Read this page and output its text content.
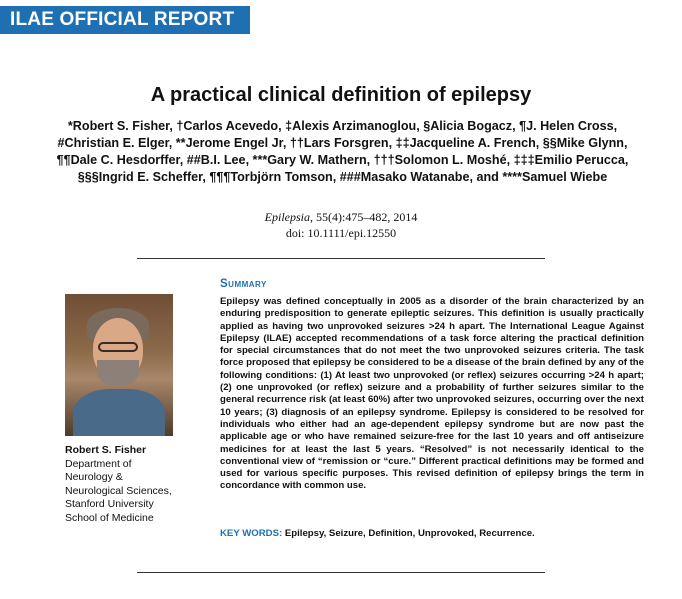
ILAE OFFICIAL REPORT
A practical clinical definition of epilepsy

*Robert S. Fisher, †Carlos Acevedo, ‡Alexis Arzimanoglou, §Alicia Bogacz, ¶J. Helen Cross, #Christian E. Elger, **Jerome Engel Jr, ††Lars Forsgren, ‡‡Jacqueline A. French, §§Mike Glynn, ¶¶Dale C. Hesdorffer, ##B.I. Lee, ***Gary W. Mathern, †††Solomon L. Moshé, ‡‡‡Emilio Perucca, §§§Ingrid E. Scheffer, ¶¶¶Torbjörn Tomson, ###Masako Watanabe, and ****Samuel Wiebe

Epilepsia, 55(4):475–482, 2014
doi: 10.1111/epi.12550
Robert S. Fisher
Department of
Neurology &
Neurological Sciences,
Stanford University
School of Medicine
Summary

Epilepsy was defined conceptually in 2005 as a disorder of the brain characterized by an enduring predisposition to generate epileptic seizures. This definition is usually practically applied as having two unprovoked seizures >24 h apart. The International League Against Epilepsy (ILAE) accepted recommendations of a task force altering the practical definition for special circumstances that do not meet the two unprovoked seizures criteria. The task force proposed that epilepsy be considered to be a disease of the brain defined by any of the following conditions: (1) At least two unprovoked (or reflex) seizures occurring >24 h apart; (2) one unprovoked (or reflex) seizure and a probability of further seizures similar to the general recurrence risk (at least 60%) after two unprovoked seizures, occurring over the next 10 years; (3) diagnosis of an epilepsy syndrome. Epilepsy is considered to be resolved for individuals who either had an age-dependent epilepsy syndrome but are now past the applicable age or who have remained seizure-free for the last 10 years and off antiseizure medicines for at least the last 5 years. “Resolved” is not necessarily identical to the conventional view of “remission or “cure.” Different practical definitions may be formed and used for various specific purposes. This revised definition of epilepsy brings the term in concordance with common use.

KEY WORDS: Epilepsy, Seizure, Definition, Unprovoked, Recurrence.
